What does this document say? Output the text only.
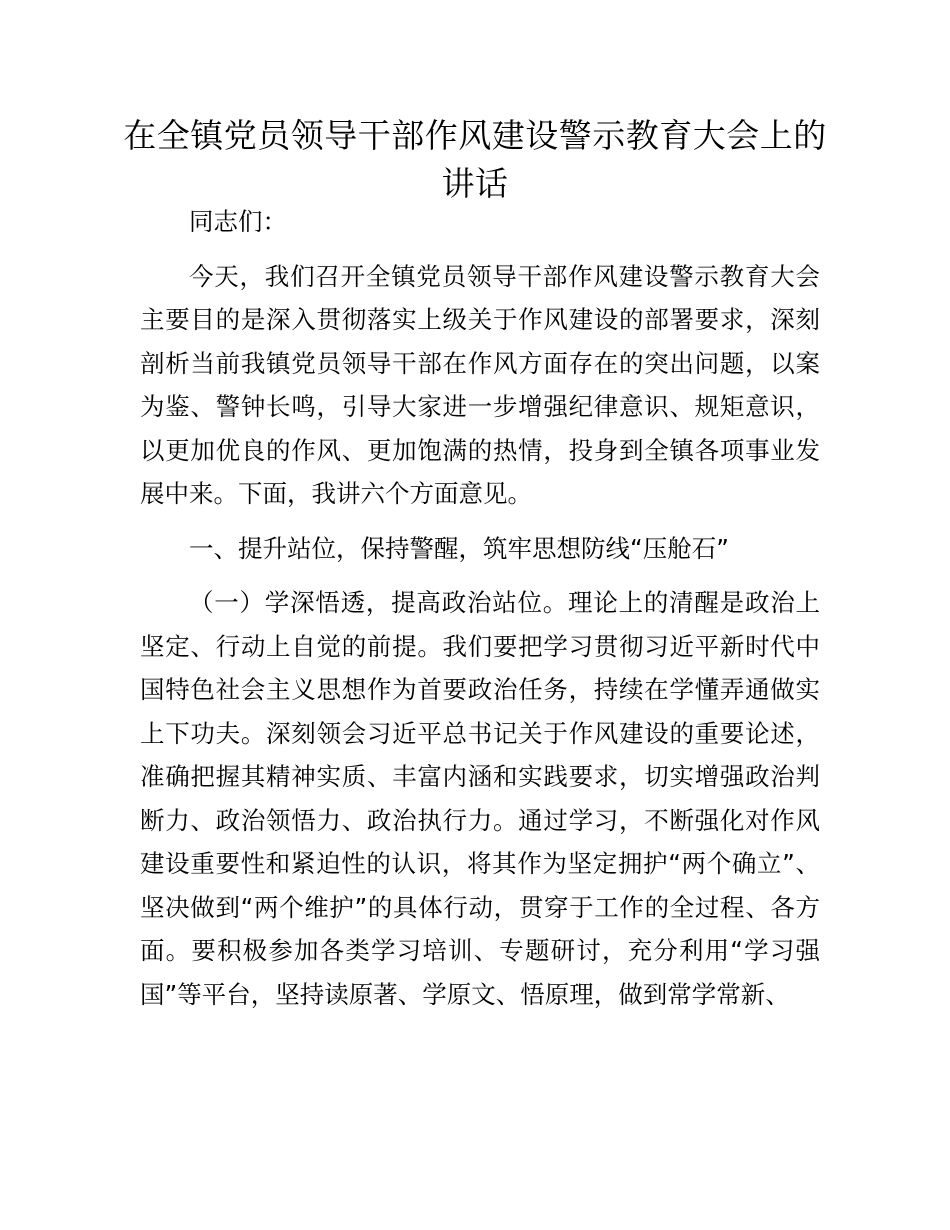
在全镇党员领导干部作风建设警示教育大会上的讲话

同志们：

今天，我们召开全镇党员领导干部作风建设警示教育大会主要目的是深入贯彻落实上级关于作风建设的部署要求，深刻剖析当前我镇党员领导干部在作风方面存在的突出问题，以案为鉴、警钟长鸣，引导大家进一步增强纪律意识、规矩意识，以更加优良的作风、更加饱满的热情，投身到全镇各项事业发展中来。下面，我讲六个方面意见。

一、提升站位，保持警醒，筑牢思想防线“压舱石”

（一）学深悟透，提高政治站位。理论上的清醒是政治上坚定、行动上自觉的前提。我们要把学习贯彻习近平新时代中国特色社会主义思想作为首要政治任务，持续在学懂弄通做实上下功夫。深刻领会习近平总书记关于作风建设的重要论述，准确把握其精神实质、丰富内涵和实践要求，切实增强政治判断力、政治领悟力、政治执行力。通过学习，不断强化对作风建设重要性和紧迫性的认识，将其作为坚定拥护“两个确立”、坚决做到“两个维护”的具体行动，贯穿于工作的全过程、各方面。要积极参加各类学习培训、专题研讨，充分利用“学习强国”等平台，坚持读原著、学原文、悟原理，做到常学常新、
